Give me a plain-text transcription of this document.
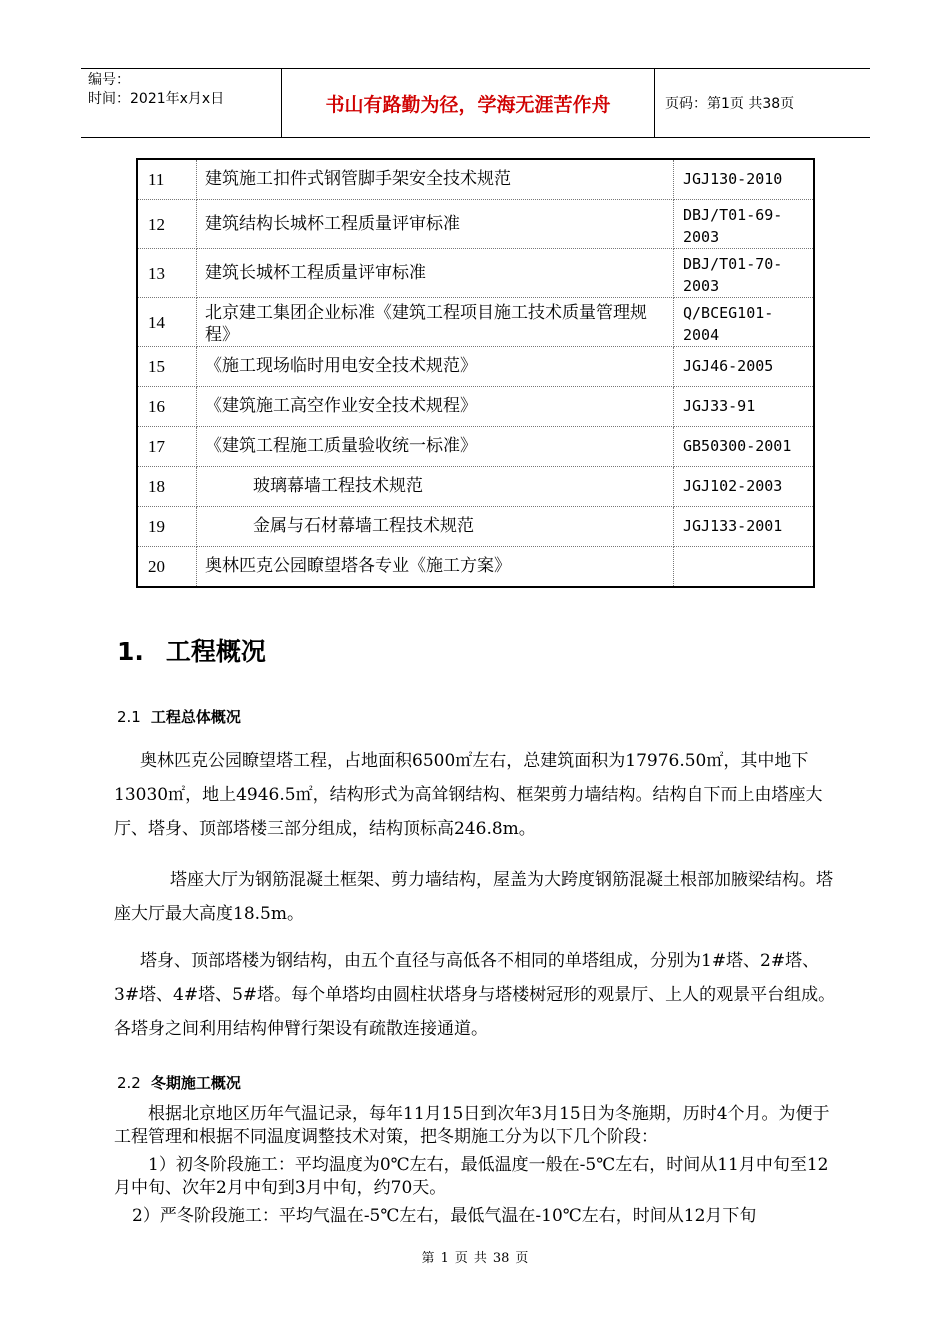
编号：
时间：2021年x月x日	书山有路勤为径，学海无涯苦作舟	页码：第1页 共38页
11	建筑施工扣件式钢管脚手架安全技术规范	JGJ130-2010
12	建筑结构长城杯工程质量评审标准	DBJ/T01-69-2003
13	建筑长城杯工程质量评审标准	DBJ/T01-70-2003
14	北京建工集团企业标准《建筑工程项目施工技术质量管理规程》	Q/BCEG101-2004
15	《施工现场临时用电安全技术规范》	JGJ46-2005
16	《建筑施工高空作业安全技术规程》	JGJ33-91
17	《建筑工程施工质量验收统一标准》	GB50300-2001
18	玻璃幕墙工程技术规范	JGJ102-2003
19	金属与石材幕墙工程技术规范	JGJ133-2001
20	奥林匹克公园瞭望塔各专业《施工方案》	
1. 工程概况
2.1 工程总体概况
奥林匹克公园瞭望塔工程，占地面积6500㎡左右，总建筑面积为17976.50㎡，其中地下13030㎡，地上4946.5㎡，结构形式为高耸钢结构、框架剪力墙结构。结构自下而上由塔座大厅、塔身、顶部塔楼三部分组成，结构顶标高246.8m。
塔座大厅为钢筋混凝土框架、剪力墙结构，屋盖为大跨度钢筋混凝土根部加腋梁结构。塔座大厅最大高度18.5m。
塔身、顶部塔楼为钢结构，由五个直径与高低各不相同的单塔组成，分别为1#塔、2#塔、3#塔、4#塔、5#塔。每个单塔均由圆柱状塔身与塔楼树冠形的观景厅、上人的观景平台组成。各塔身之间利用结构伸臂行架设有疏散连接通道。
2.2 冬期施工概况
根据北京地区历年气温记录，每年11月15日到次年3月15日为冬施期，历时4个月。为便于工程管理和根据不同温度调整技术对策，把冬期施工分为以下几个阶段：
1）初冬阶段施工：平均温度为0℃左右，最低温度一般在-5℃左右，时间从11月中旬至12月中旬、次年2月中旬到3月中旬，约70天。
2）严冬阶段施工：平均气温在-5℃左右，最低气温在-10℃左右，时间从12月下旬
第 1 页 共 38 页
